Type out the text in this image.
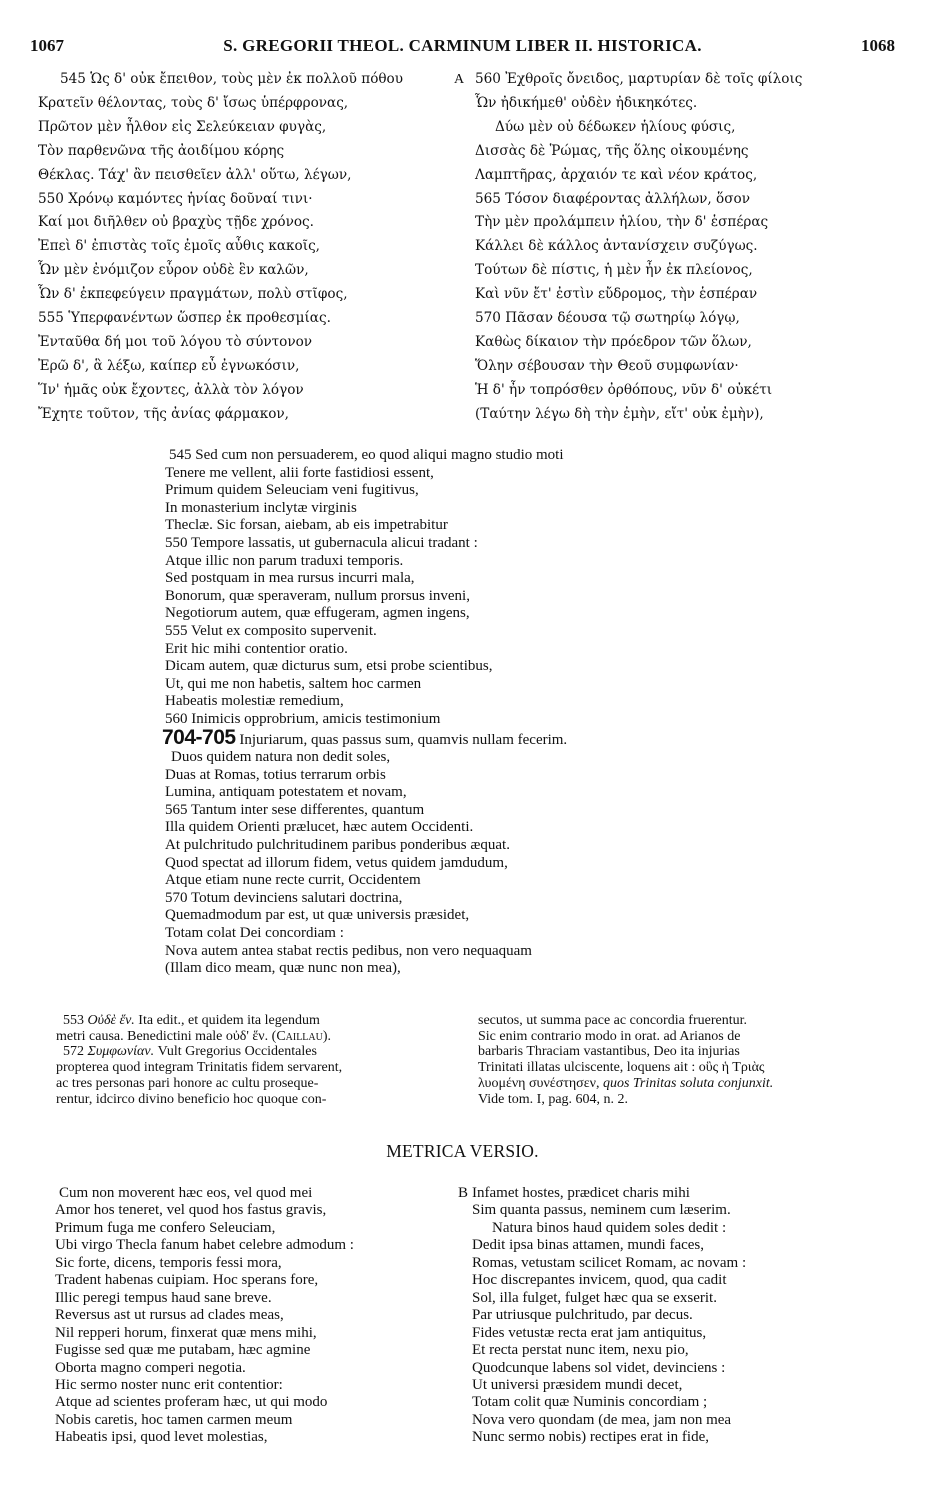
1067	S. GREGORII THEOL. CARMINUM LIBER II. HISTORICA.	1068
545 Ὡς δ' οὐκ ἔπειθον, τοὺς μὲν ἐκ πολλοῦ πόθου
Κρατεῖν θέλοντας, τοὺς δ' ἴσως ὑπέρφρονας,
Πρῶτον μὲν ἦλθον εἰς Σελεύκειαν φυγὰς,
Τὸν παρθενῶνα τῆς ἀοιδίμου κόρης
Θέκλας. Τάχ' ἂν πεισθεῖεν ἀλλ' οὕτω, λέγων,
550 Χρόνῳ καμόντες ἡνίας δοῦναί τινι·
Καί μοι διῆλθεν οὐ βραχὺς τῇδε χρόνος.
Ἐπεὶ δ' ἐπιστὰς τοῖς ἐμοῖς αὖθις κακοῖς,
Ὧν μὲν ἐνόμιζον εὗρον οὐδὲ ἓν καλῶν,
Ὧν δ' ἐκπεφεύγειν πραγμάτων, πολὺ στῖφος,
555 Ὑπερφανέντων ὥσπερ ἐκ προθεσμίας.
Ἐνταῦθα δή μοι τοῦ λόγου τὸ σύντονον
Ἐρῶ δ', ἃ λέξω, καίπερ εὖ ἐγνωκόσιν,
Ἵν' ἡμᾶς οὐκ ἔχοντες, ἀλλὰ τὸν λόγον
Ἔχητε τοῦτον, τῆς ἀνίας φάρμακον,
A 560 Ἐχθροῖς ὄνειδος, μαρτυρίαν δὲ τοῖς φίλοις
Ὧν ἠδικήμεθ' οὐδὲν ἠδικηκότες.
Δύω μὲν οὐ δέδωκεν ἡλίους φύσις,
Δισσὰς δὲ Ῥώμας, τῆς ὅλης οἰκουμένης
Λαμπτῆρας, ἀρχαιόν τε καὶ νέον κράτος,
565 Τόσον διαφέροντας ἀλλήλων, ὅσον
Τὴν μὲν προλάμπειν ἡλίου, τὴν δ' ἑσπέρας
Κάλλει δὲ κάλλος ἀντανίσχειν συζύγως.
Τούτων δὲ πίστις, ἡ μὲν ἦν ἐκ πλείονος,
Καὶ νῦν ἔτ' ἐστὶν εὔδρομος, τὴν ἑσπέραν
570 Πᾶσαν δέουσα τῷ σωτηρίῳ λόγῳ,
Καθὼς δίκαιον τὴν πρόεδρον τῶν ὅλων,
Ὅλην σέβουσαν τὴν Θεοῦ συμφωνίαν·
Ἡ δ' ἦν τοπρόσθεν ὀρθόπους, νῦν δ' οὐκέτι
(Ταύτην λέγω δὴ τὴν ἐμὴν, εἴτ' οὐκ ἐμὴν),
545 Sed cum non persuaderem, eo quod aliqui magno studio moti
Tenere me vellent, alii forte fastidiosi essent,
Primum quidem Seleuciam veni fugitivus,
In monasterium inclytæ virginis
Theclæ. Sic forsan, aiebam, ab eis impetrabitur
550 Tempore lassatis, ut gubernacula alicui tradant :
Atque illic non parum traduxi temporis.
Sed postquam in mea rursus incurri mala,
Bonorum, quæ speraveram, nullum prorsus inveni,
Negotiorum autem, quæ effugeram, agmen ingens,
555 Velut ex composito supervenit.
Erit hic mihi contentior oratio.
Dicam autem, quæ dicturus sum, etsi probe scientibus,
Ut, qui me non habetis, saltem hoc carmen
Habeatis molestiæ remedium,
560 Inimicis opprobrium, amicis testimonium
704-705 Injuriarum, quas passus sum, quamvis nullam fecerim.
Duos quidem natura non dedit soles,
Duas at Romas, totius terrarum orbis
Lumina, antiquam potestatem et novam,
565 Tantum inter sese differentes, quantum
Illa quidem Orienti prælucet, hæc autem Occidenti.
At pulchritudo pulchritudinem paribus ponderibus æquat.
Quod spectat ad illorum fidem, vetus quidem jamdudum,
Atque etiam nune recte currit, Occidentem
570 Totum devinciens salutari doctrina,
Quemadmodum par est, ut quæ universis præsidet,
Totam colat Dei concordiam :
Nova autem antea stabat rectis pedibus, non vero nequaquam
(Illam dico meam, quæ nunc non mea),
553 Οὐδὲ ἕν. Ita edit., et quidem ita legendum
metri causa. Benedictini male οὐδ' ἕν. (Caillau).
572 Συμφωνίαν. Vult Gregorius Occidentales
propterea quod integram Trinitatis fidem servarent,
ac tres personas pari honore ac cultu proseque-
rentur, idcirco divino beneficio hoc quoque con-
secutos, ut summa pace ac concordia fruerentur.
Sic enim contrario modo in orat. ad Arianos de
barbaris Thraciam vastantibus, Deo ita injurias
Trinitati illatas ulciscente, loquens ait : οὓς ἡ Τριὰς
λυομένη συνέστησεν, quos Trinitas soluta conjunxit.
Vide tom. I, pag. 604, n. 2.
METRICA VERSIO.
Cum non moverent hæc eos, vel quod mei
Amor hos teneret, vel quod hos fastus gravis,
Primum fuga me confero Seleuciam,
Ubi virgo Thecla fanum habet celebre admodum :
Sic forte, dicens, temporis fessi mora,
Tradent habenas cuipiam. Hoc sperans fore,
Illic peregi tempus haud sane breve.
Reversus ast ut rursus ad clades meas,
Nil repperi horum, finxerat quæ mens mihi,
Fugisse sed quæ me putabam, hæc agmine
Oborta magno comperi negotia.
Hic sermo noster nunc erit contentior:
Atque ad scientes proferam hæc, ut qui modo
Nobis caretis, hoc tamen carmen meum
Habeatis ipsi, quod levet molestias,
B Infamet hostes, prædicet charis mihi
Sim quanta passus, neminem cum læserim.
Natura binos haud quidem soles dedit :
Dedit ipsa binas attamen, mundi faces,
Romas, vetustam scilicet Romam, ac novam :
Hoc discrepantes invicem, quod, qua cadit
Sol, illa fulget, fulget hæc qua se exserit.
Par utriusque pulchritudo, par decus.
Fides vetustæ recta erat jam antiquitus,
Et recta perstat nunc item, nexu pio,
Quodcunque labens sol videt, devinciens :
Ut universi præsidem mundi decet,
Totam colit quæ Numinis concordiam ;
Nova vero quondam (de mea, jam non mea
Nunc sermo nobis) rectipes erat in fide,
